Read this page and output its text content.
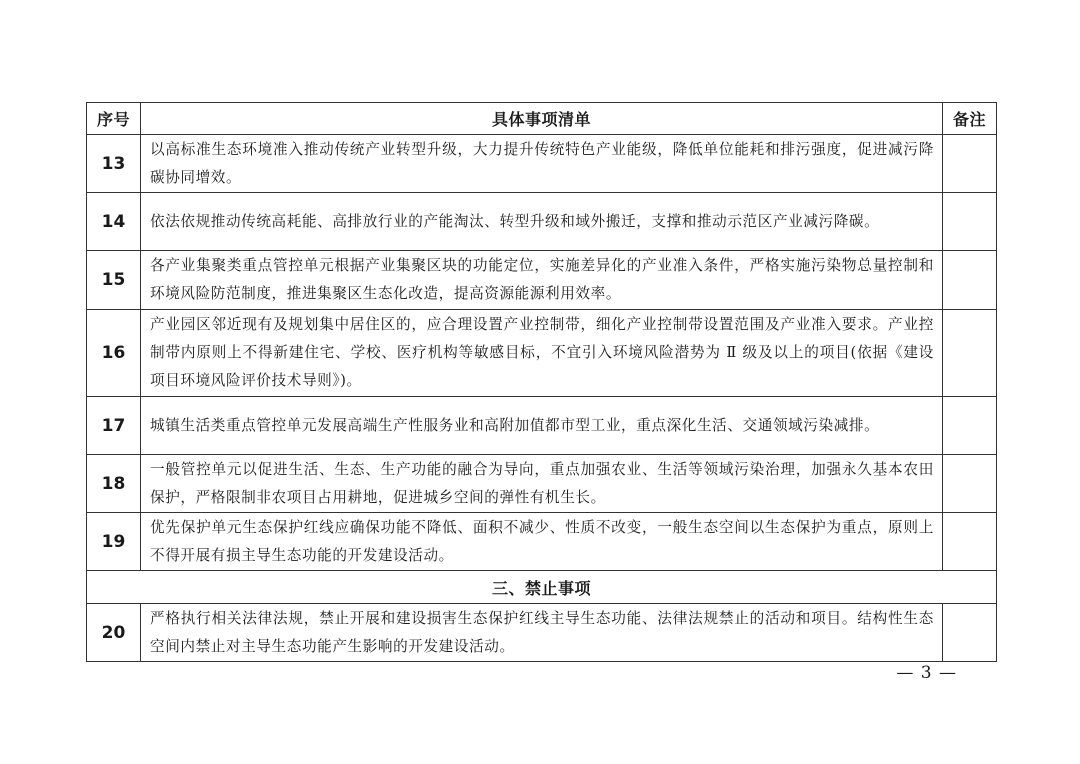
序号	具体事项清单	备注
13	以高标准生态环境准入推动传统产业转型升级，大力提升传统特色产业能级，降低单位能耗和排污强度，促进减污降碳协同增效。	
14	依法依规推动传统高耗能、高排放行业的产能淘汰、转型升级和域外搬迁，支撑和推动示范区产业减污降碳。	
15	各产业集聚类重点管控单元根据产业集聚区块的功能定位，实施差异化的产业准入条件，严格实施污染物总量控制和环境风险防范制度，推进集聚区生态化改造，提高资源能源利用效率。	
16	产业园区邻近现有及规划集中居住区的，应合理设置产业控制带，细化产业控制带设置范围及产业准入要求。产业控制带内原则上不得新建住宅、学校、医疗机构等敏感目标，不宜引入环境风险潜势为 Ⅱ 级及以上的项目(依据《建设项目环境风险评价技术导则》)。	
17	城镇生活类重点管控单元发展高端生产性服务业和高附加值都市型工业，重点深化生活、交通领域污染减排。	
18	一般管控单元以促进生活、生态、生产功能的融合为导向，重点加强农业、生活等领域污染治理，加强永久基本农田保护，严格限制非农项目占用耕地，促进城乡空间的弹性有机生长。	
19	优先保护单元生态保护红线应确保功能不降低、面积不减少、性质不改变，一般生态空间以生态保护为重点，原则上不得开展有损主导生态功能的开发建设活动。	
三、禁止事项		
20	严格执行相关法律法规，禁止开展和建设损害生态保护红线主导生态功能、法律法规禁止的活动和项目。结构性生态空间内禁止对主导生态功能产生影响的开发建设活动。	
— 3 —
